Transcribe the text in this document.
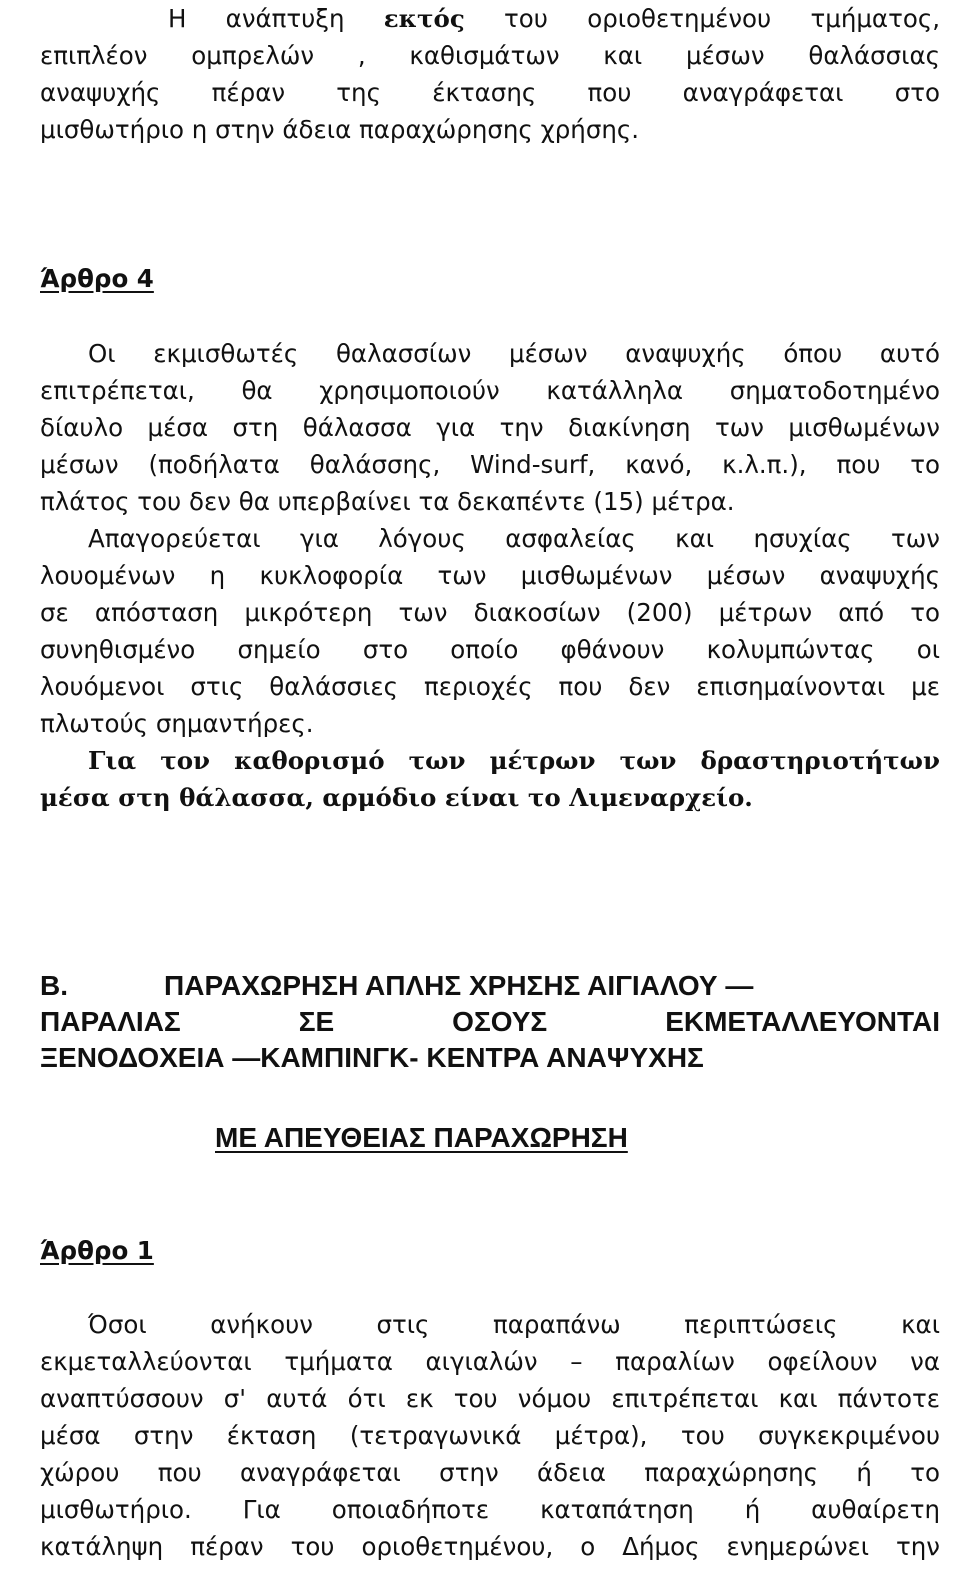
Η ανάπτυξη εκτός του οριοθετημένου τμήματος,
επιπλέον ομπρελών , καθισμάτων και μέσων θαλάσσιας
αναψυχής πέραν της έκτασης που αναγράφεται στο
μισθωτήριο η στην άδεια παραχώρησης χρήσης.
Άρθρο 4
Οι εκμισθωτές θαλασσίων μέσων αναψυχής όπου αυτό
επιτρέπεται, θα χρησιμοποιούν κατάλληλα σηματοδοτημένο
δίαυλο μέσα στη θάλασσα για την διακίνηση των μισθωμένων
μέσων (ποδήλατα θαλάσσης, Wind-surf, κανό, κ.λ.π.), που το
πλάτος του δεν θα υπερβαίνει τα δεκαπέντε (15) μέτρα.
Απαγορεύεται για λόγους ασφαλείας και ησυχίας των
λουομένων η κυκλοφορία των μισθωμένων μέσων αναψυχής
σε απόσταση μικρότερη των διακοσίων (200) μέτρων από το
συνηθισμένο σημείο στο οποίο φθάνουν κολυμπώντας οι
λουόμενοι στις θαλάσσιες περιοχές που δεν επισημαίνονται με
πλωτούς σημαντήρες.
Για τον καθορισμό των μέτρων των δραστηριοτήτων
μέσα στη θάλασσα, αρμόδιο είναι το Λιμεναρχείο.
B.	ΠΑΡΑΧΩΡΗΣΗ ΑΠΛΗΣ ΧΡΗΣΗΣ ΑΙΓΙΑΛΟΥ —
ΠΑΡΑΛΙΑΣ ΣΕ ΟΣΟΥΣ ΕΚΜΕΤΑΛΛΕΥΟΝΤΑΙ
ΞΕΝΟΔΟΧΕΙΑ —ΚΑΜΠΙΝΓΚ- ΚΕΝΤΡΑ ΑΝΑΨΥΧΗΣ
ΜΕ ΑΠΕΥΘΕΙΑΣ ΠΑΡΑΧΩΡΗΣΗ
Άρθρο 1
Όσοι ανήκουν στις παραπάνω περιπτώσεις και
εκμεταλλεύονται τμήματα αιγιαλών – παραλίων οφείλουν να
αναπτύσσουν σ' αυτά ότι εκ του νόμου επιτρέπεται και πάντοτε
μέσα στην έκταση (τετραγωνικά μέτρα), του συγκεκριμένου
χώρου που αναγράφεται στην άδεια παραχώρησης ή το
μισθωτήριο. Για οποιαδήποτε καταπάτηση ή αυθαίρετη
κατάληψη πέραν του οριοθετημένου, ο Δήμος ενημερώνει την
